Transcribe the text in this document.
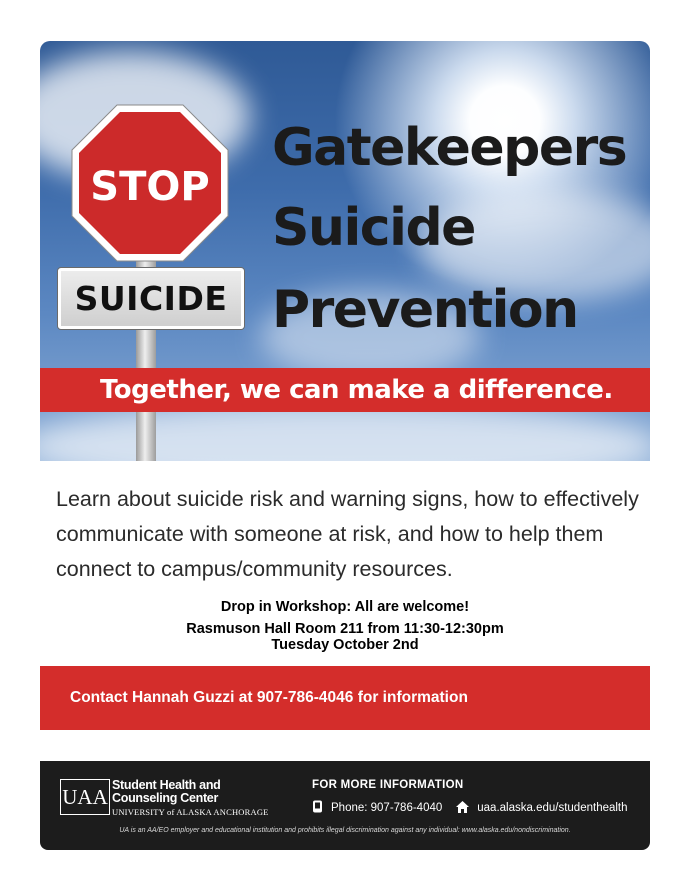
STOP
SUICIDE
Gatekeepers
Suicide
Prevention
Together, we can make a difference.
Learn about suicide risk and warning signs, how to effectively communicate with someone at risk, and how to help them connect to campus/community resources.
Drop in Workshop: All are welcome!
Rasmuson Hall Room 211 from 11:30-12:30pm
Tuesday October 2nd
Contact Hannah Guzzi at 907-786-4046 for information
UAA Student Health and
Counseling Center
UNIVERSITY of ALASKA ANCHORAGE
FOR MORE INFORMATION
Phone: 907-786-4040	uaa.alaska.edu/studenthealth
UA is an AA/EO employer and educational institution and prohibits illegal discrimination against any individual: www.alaska.edu/nondiscrimination.
